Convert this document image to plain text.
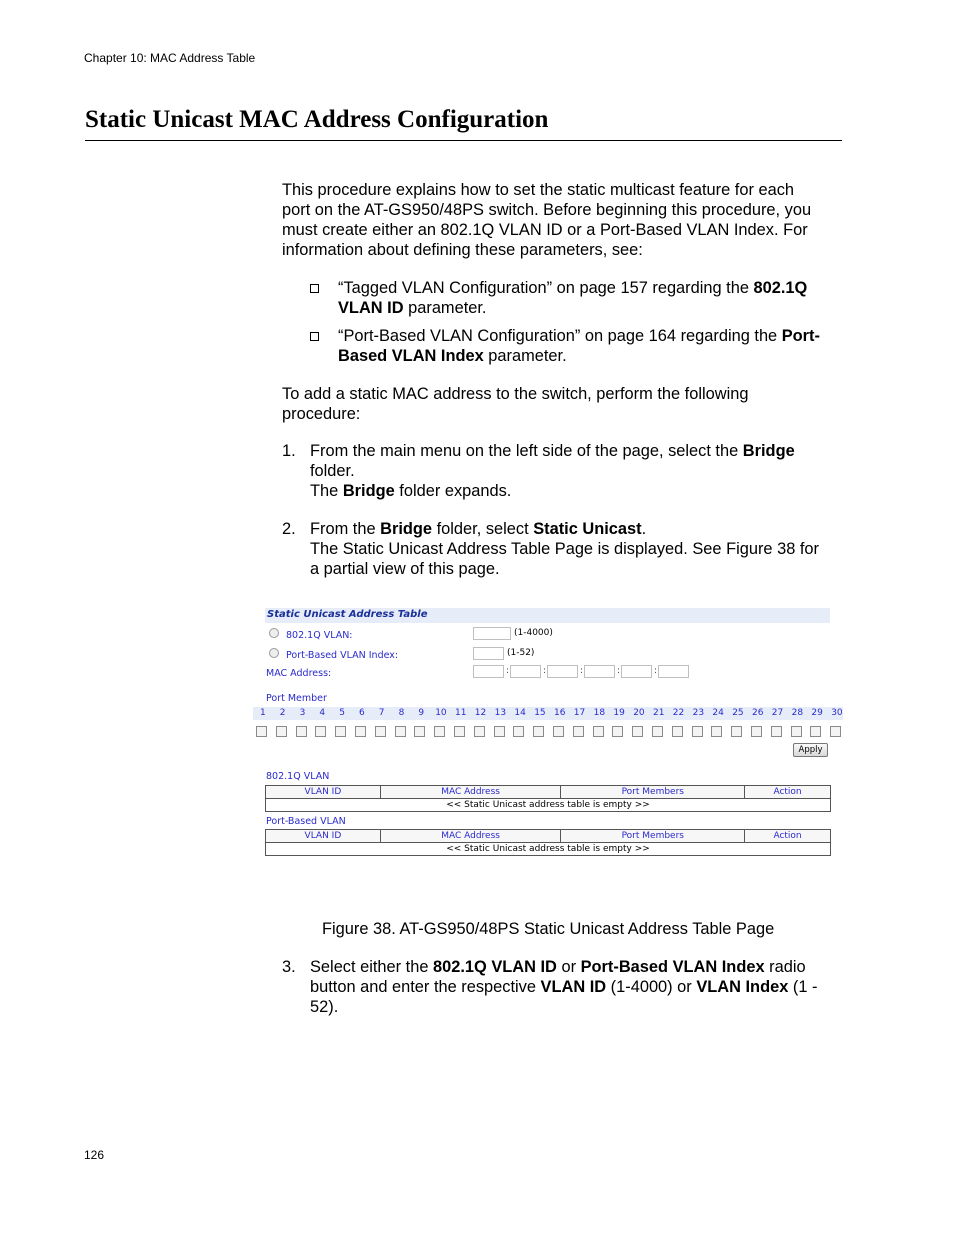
Chapter 10: MAC Address Table
Static Unicast MAC Address Configuration
This procedure explains how to set the static multicast feature for each
port on the AT-GS950/48PS switch. Before beginning this procedure, you
must create either an 802.1Q VLAN ID or a Port-Based VLAN Index. For
information about defining these parameters, see:
“Tagged VLAN Configuration” on page 157 regarding the 802.1Q
VLAN ID parameter.
“Port-Based VLAN Configuration” on page 164 regarding the Port-
Based VLAN Index parameter.
To add a static MAC address to the switch, perform the following
procedure:
1. From the main menu on the left side of the page, select the Bridge
folder.
The Bridge folder expands.
2. From the Bridge folder, select Static Unicast.
The Static Unicast Address Table Page is displayed. See Figure 38 for
a partial view of this page.
Static Unicast Address Table
802.1Q VLAN:	(1-4000)
Port-Based VLAN Index:	(1-52)
MAC Address:	:	:	:	:	:
Port Member
1 2 3 4 5 6 7 8 9 10 11 12 13 14 15 16 17 18 19 20 21 22 23 24 25 26 27 28 29 30
Apply
802.1Q VLAN
VLAN ID	MAC Address	Port Members	Action
<< Static Unicast address table is empty >>
Port-Based VLAN
VLAN ID	MAC Address	Port Members	Action
<< Static Unicast address table is empty >>
Figure 38. AT-GS950/48PS Static Unicast Address Table Page
3. Select either the 802.1Q VLAN ID or Port-Based VLAN Index radio
button and enter the respective VLAN ID (1-4000) or VLAN Index (1 -
52).
126
